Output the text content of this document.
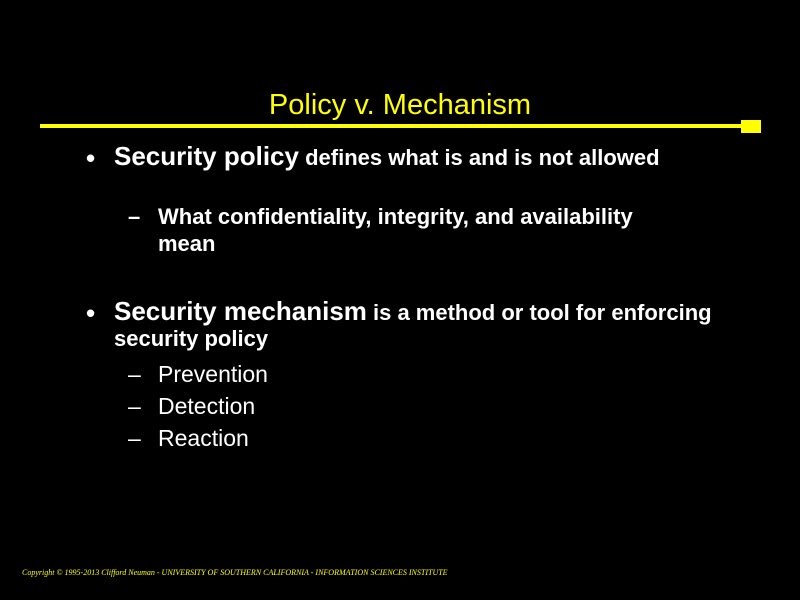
Policy v. Mechanism
• Security policy defines what is and is not allowed
– What confidentiality, integrity, and availability mean
• Security mechanism is a method or tool for enforcing security policy
– Prevention
– Detection
– Reaction
Copyright © 1995-2013 Clifford Neuman - UNIVERSITY OF SOUTHERN CALIFORNIA - INFORMATION SCIENCES INSTITUTE
